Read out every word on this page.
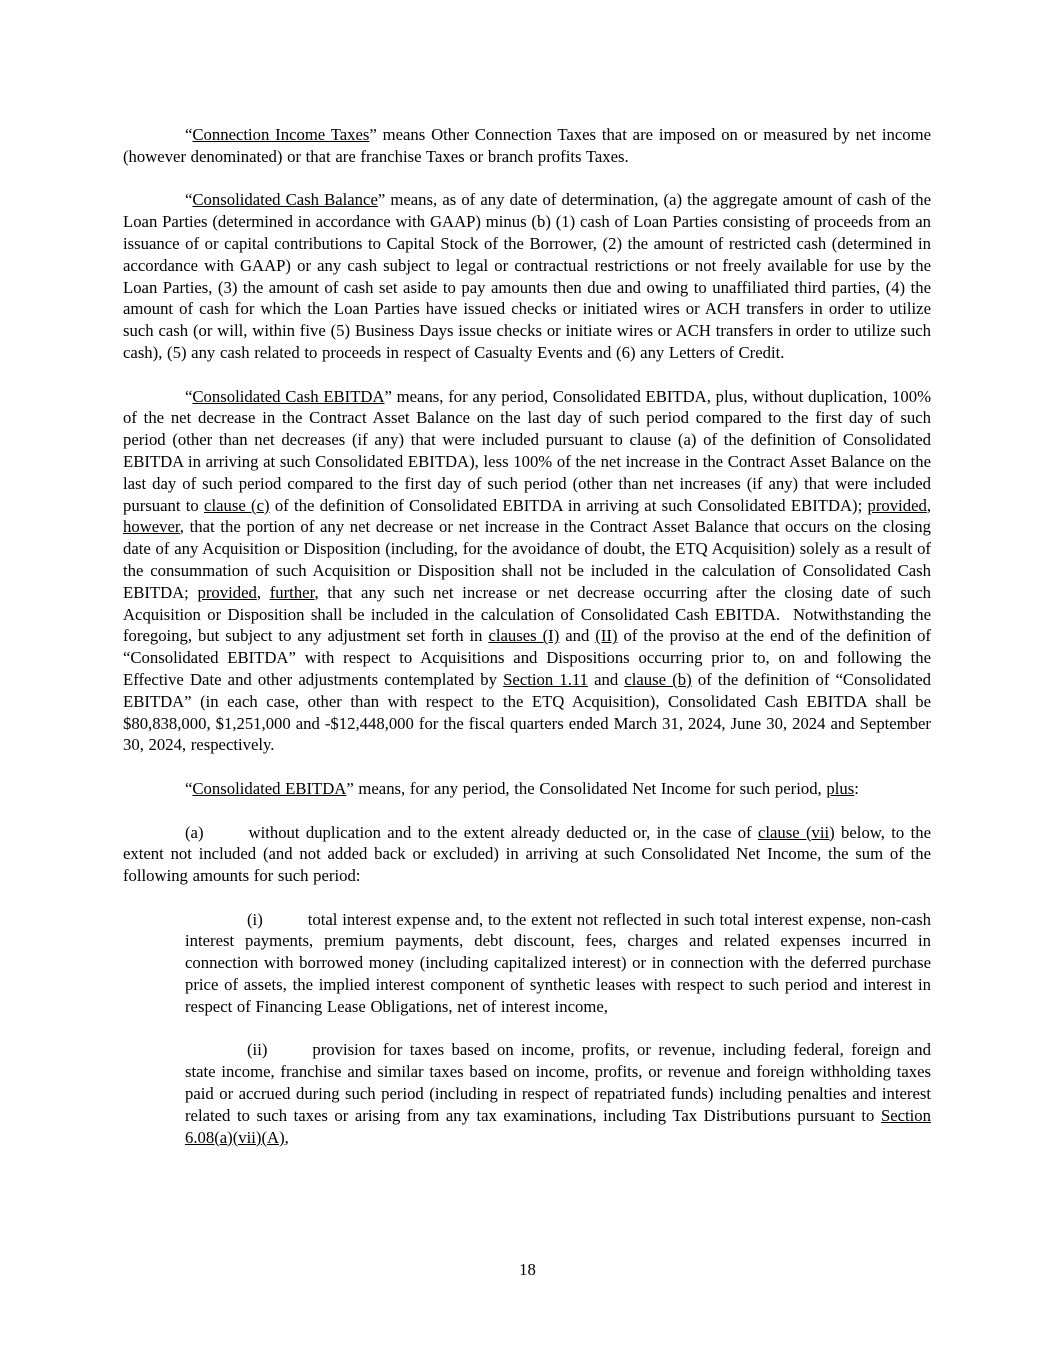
“Connection Income Taxes” means Other Connection Taxes that are imposed on or measured by net income (however denominated) or that are franchise Taxes or branch profits Taxes.

“Consolidated Cash Balance” means, as of any date of determination, (a) the aggregate amount of cash of the Loan Parties (determined in accordance with GAAP) minus (b) (1) cash of Loan Parties consisting of proceeds from an issuance of or capital contributions to Capital Stock of the Borrower, (2) the amount of restricted cash (determined in accordance with GAAP) or any cash subject to legal or contractual restrictions or not freely available for use by the Loan Parties, (3) the amount of cash set aside to pay amounts then due and owing to unaffiliated third parties, (4) the amount of cash for which the Loan Parties have issued checks or initiated wires or ACH transfers in order to utilize such cash (or will, within five (5) Business Days issue checks or initiate wires or ACH transfers in order to utilize such cash), (5) any cash related to proceeds in respect of Casualty Events and (6) any Letters of Credit.

“Consolidated Cash EBITDA” means, for any period, Consolidated EBITDA, plus, without duplication, 100% of the net decrease in the Contract Asset Balance on the last day of such period compared to the first day of such period (other than net decreases (if any) that were included pursuant to clause (a) of the definition of Consolidated EBITDA in arriving at such Consolidated EBITDA), less 100% of the net increase in the Contract Asset Balance on the last day of such period compared to the first day of such period (other than net increases (if any) that were included pursuant to clause (c) of the definition of Consolidated EBITDA in arriving at such Consolidated EBITDA); provided, however, that the portion of any net decrease or net increase in the Contract Asset Balance that occurs on the closing date of any Acquisition or Disposition (including, for the avoidance of doubt, the ETQ Acquisition) solely as a result of the consummation of such Acquisition or Disposition shall not be included in the calculation of Consolidated Cash EBITDA; provided, further, that any such net increase or net decrease occurring after the closing date of such Acquisition or Disposition shall be included in the calculation of Consolidated Cash EBITDA.  Notwithstanding the foregoing, but subject to any adjustment set forth in clauses (I) and (II) of the proviso at the end of the definition of “Consolidated EBITDA” with respect to Acquisitions and Dispositions occurring prior to, on and following the Effective Date and other adjustments contemplated by Section 1.11 and clause (b) of the definition of “Consolidated EBITDA” (in each case, other than with respect to the ETQ Acquisition), Consolidated Cash EBITDA shall be $80,838,000, $1,251,000 and -$12,448,000 for the fiscal quarters ended March 31, 2024, June 30, 2024 and September 30, 2024, respectively.

“Consolidated EBITDA” means, for any period, the Consolidated Net Income for such period, plus:

(a)	without duplication and to the extent already deducted or, in the case of clause (vii) below, to the extent not included (and not added back or excluded) in arriving at such Consolidated Net Income, the sum of the following amounts for such period:

(i)	total interest expense and, to the extent not reflected in such total interest expense, non-cash interest payments, premium payments, debt discount, fees, charges and related expenses incurred in connection with borrowed money (including capitalized interest) or in connection with the deferred purchase price of assets, the implied interest component of synthetic leases with respect to such period and interest in respect of Financing Lease Obligations, net of interest income,

(ii)	provision for taxes based on income, profits, or revenue, including federal, foreign and state income, franchise and similar taxes based on income, profits, or revenue and foreign withholding taxes paid or accrued during such period (including in respect of repatriated funds) including penalties and interest related to such taxes or arising from any tax examinations, including Tax Distributions pursuant to Section 6.08(a)(vii)(A),

18
